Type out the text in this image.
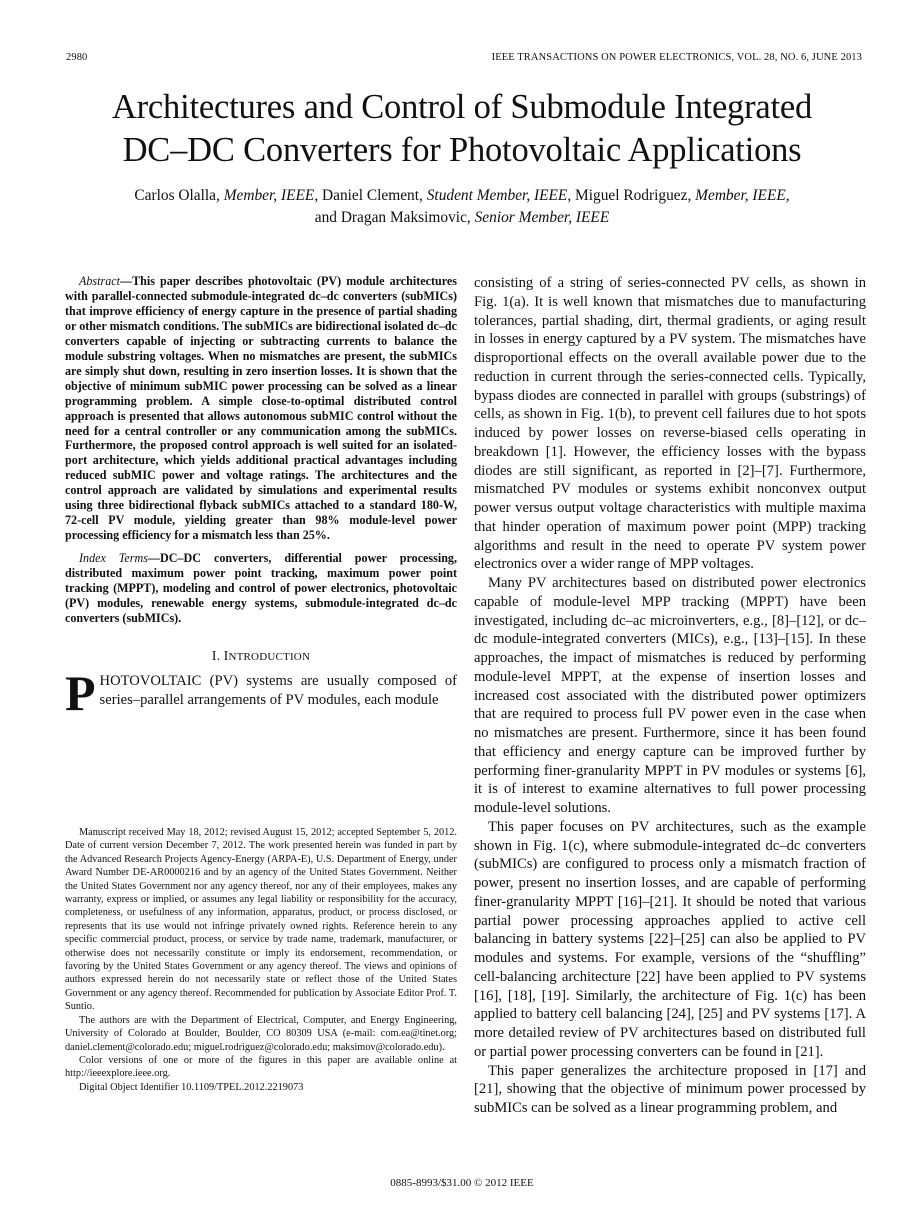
2980	IEEE TRANSACTIONS ON POWER ELECTRONICS, VOL. 28, NO. 6, JUNE 2013
Architectures and Control of Submodule Integrated
DC–DC Converters for Photovoltaic Applications
Carlos Olalla, Member, IEEE, Daniel Clement, Student Member, IEEE, Miguel Rodriguez, Member, IEEE,
and Dragan Maksimovic, Senior Member, IEEE

Abstract—This paper describes photovoltaic (PV) module architectures with parallel-connected submodule-integrated dc–dc converters (subMICs) that improve efficiency of energy capture in the presence of partial shading or other mismatch conditions. The subMICs are bidirectional isolated dc–dc converters capable of injecting or subtracting currents to balance the module substring voltages. When no mismatches are present, the subMICs are simply shut down, resulting in zero insertion losses. It is shown that the objective of minimum subMIC power processing can be solved as a linear programming problem. A simple close-to-optimal distributed control approach is presented that allows autonomous subMIC control without the need for a central controller or any communication among the subMICs. Furthermore, the proposed control approach is well suited for an isolated-port architecture, which yields additional practical advantages including reduced subMIC power and voltage ratings. The architectures and the control approach are validated by simulations and experimental results using three bidirectional flyback subMICs attached to a standard 180-W, 72-cell PV module, yielding greater than 98% module-level power processing efficiency for a mismatch less than 25%.

Index Terms—DC–DC converters, differential power processing, distributed maximum power point tracking, maximum power point tracking (MPPT), modeling and control of power electronics, photovoltaic (PV) modules, renewable energy systems, submodule-integrated dc–dc converters (subMICs).

I. INTRODUCTION

PHOTOVOLTAIC (PV) systems are usually composed of series–parallel arrangements of PV modules, each module

Manuscript received May 18, 2012; revised August 15, 2012; accepted September 5, 2012. Date of current version December 7, 2012. The work presented herein was funded in part by the Advanced Research Projects Agency-Energy (ARPA-E), U.S. Department of Energy, under Award Number DE-AR0000216 and by an agency of the United States Government. Neither the United States Government nor any agency thereof, nor any of their employees, makes any warranty, express or implied, or assumes any legal liability or responsibility for the accuracy, completeness, or usefulness of any information, apparatus, product, or process disclosed, or represents that its use would not infringe privately owned rights. Reference herein to any specific commercial product, process, or service by trade name, trademark, manufacturer, or otherwise does not necessarily constitute or imply its endorsement, recommendation, or favoring by the United States Government or any agency thereof. The views and opinions of authors expressed herein do not necessarily state or reflect those of the United States Government or any agency thereof. Recommended for publication by Associate Editor Prof. T. Suntio.

The authors are with the Department of Electrical, Computer, and Energy Engineering, University of Colorado at Boulder, Boulder, CO 80309 USA (e-mail: com.ea@tinet.org; daniel.clement@colorado.edu; miguel.rodriguez@colorado.edu; maksimov@colorado.edu).

Color versions of one or more of the figures in this paper are available online at http://ieeexplore.ieee.org.

Digital Object Identifier 10.1109/TPEL.2012.2219073

consisting of a string of series-connected PV cells, as shown in Fig. 1(a). It is well known that mismatches due to manufacturing tolerances, partial shading, dirt, thermal gradients, or aging result in losses in energy captured by a PV system. The mismatches have disproportional effects on the overall available power due to the reduction in current through the series-connected cells. Typically, bypass diodes are connected in parallel with groups (substrings) of cells, as shown in Fig. 1(b), to prevent cell failures due to hot spots induced by power losses on reverse-biased cells operating in breakdown [1]. However, the efficiency losses with the bypass diodes are still significant, as reported in [2]–[7]. Furthermore, mismatched PV modules or systems exhibit nonconvex output power versus output voltage characteristics with multiple maxima that hinder operation of maximum power point (MPP) tracking algorithms and result in the need to operate PV system power electronics over a wider range of MPP voltages.

Many PV architectures based on distributed power electronics capable of module-level MPP tracking (MPPT) have been investigated, including dc–ac microinverters, e.g., [8]–[12], or dc–dc module-integrated converters (MICs), e.g., [13]–[15]. In these approaches, the impact of mismatches is reduced by performing module-level MPPT, at the expense of insertion losses and increased cost associated with the distributed power optimizers that are required to process full PV power even in the case when no mismatches are present. Furthermore, since it has been found that efficiency and energy capture can be improved further by performing finer-granularity MPPT in PV modules or systems [6], it is of interest to examine alternatives to full power processing module-level solutions.

This paper focuses on PV architectures, such as the example shown in Fig. 1(c), where submodule-integrated dc–dc converters (subMICs) are configured to process only a mismatch fraction of power, present no insertion losses, and are capable of performing finer-granularity MPPT [16]–[21]. It should be noted that various partial power processing approaches applied to active cell balancing in battery systems [22]–[25] can also be applied to PV modules and systems. For example, versions of the “shuffling” cell-balancing architecture [22] have been applied to PV systems [16], [18], [19]. Similarly, the architecture of Fig. 1(c) has been applied to battery cell balancing [24], [25] and PV systems [17]. A more detailed review of PV architectures based on distributed full or partial power processing converters can be found in [21].

This paper generalizes the architecture proposed in [17] and [21], showing that the objective of minimum power processed by subMICs can be solved as a linear programming problem, and

0885-8993/$31.00 © 2012 IEEE
